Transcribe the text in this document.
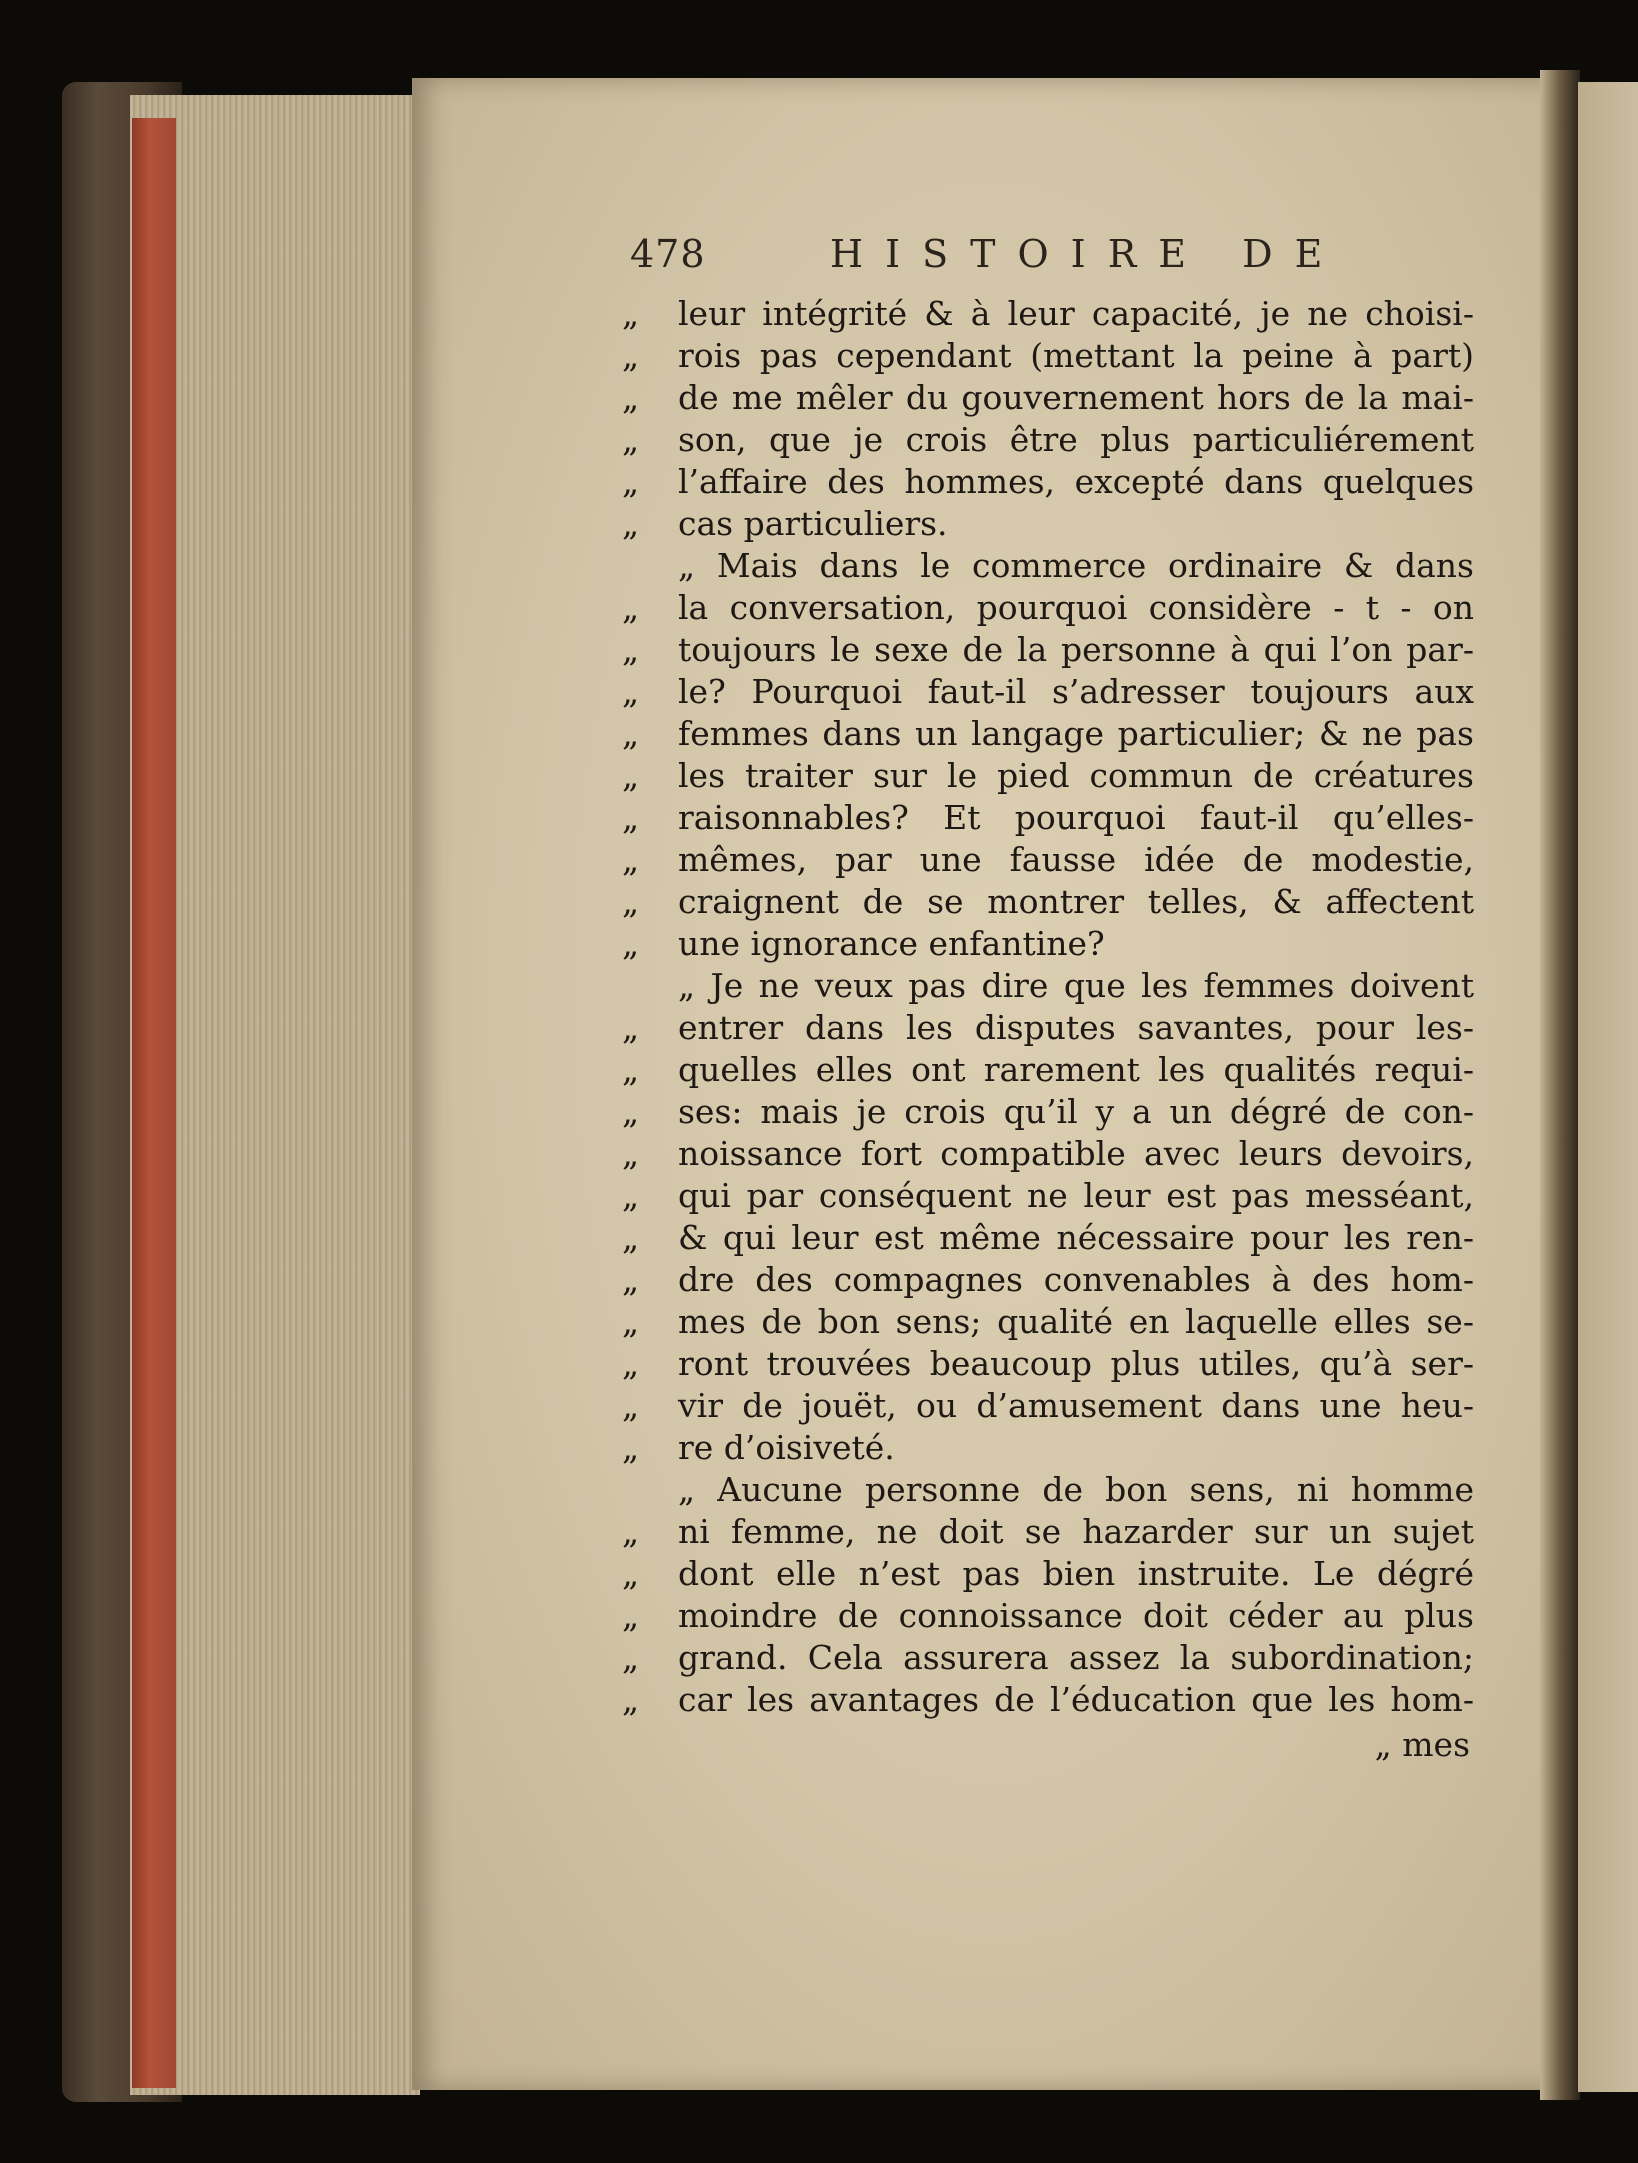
478	HISTOIRE DE
„	leur intégrité & à leur capacité, je ne choisi-
„	rois pas cependant (mettant la peine à part)
„	de me mêler du gouvernement hors de la mai-
„	son, que je crois être plus particuliérement
„	l’affaire des hommes, excepté dans quelques
„	cas particuliers.
„ Mais dans le commerce ordinaire & dans
„	la conversation, pourquoi considère - t - on
„	toujours le sexe de la personne à qui l’on par-
„	le? Pourquoi faut-il s’adresser toujours aux
„	femmes dans un langage particulier; & ne pas
„	les traiter sur le pied commun de créatures
„	raisonnables? Et pourquoi faut-il qu’elles-
„	mêmes, par une fausse idée de modestie,
„	craignent de se montrer telles, & affectent
„	une ignorance enfantine?
„ Je ne veux pas dire que les femmes doivent
„	entrer dans les disputes savantes, pour les-
„	quelles elles ont rarement les qualités requi-
„	ses: mais je crois qu’il y a un dégré de con-
„	noissance fort compatible avec leurs devoirs,
„	qui par conséquent ne leur est pas messéant,
„	& qui leur est même nécessaire pour les ren-
„	dre des compagnes convenables à des hom-
„	mes de bon sens; qualité en laquelle elles se-
„	ront trouvées beaucoup plus utiles, qu’à ser-
„	vir de jouët, ou d’amusement dans une heu-
„	re d’oisiveté.
„ Aucune personne de bon sens, ni homme
„	ni femme, ne doit se hazarder sur un sujet
„	dont elle n’est pas bien instruite. Le dégré
„	moindre de connoissance doit céder au plus
„	grand. Cela assurera assez la subordination;
„	car les avantages de l’éducation que les hom-
„ mes
